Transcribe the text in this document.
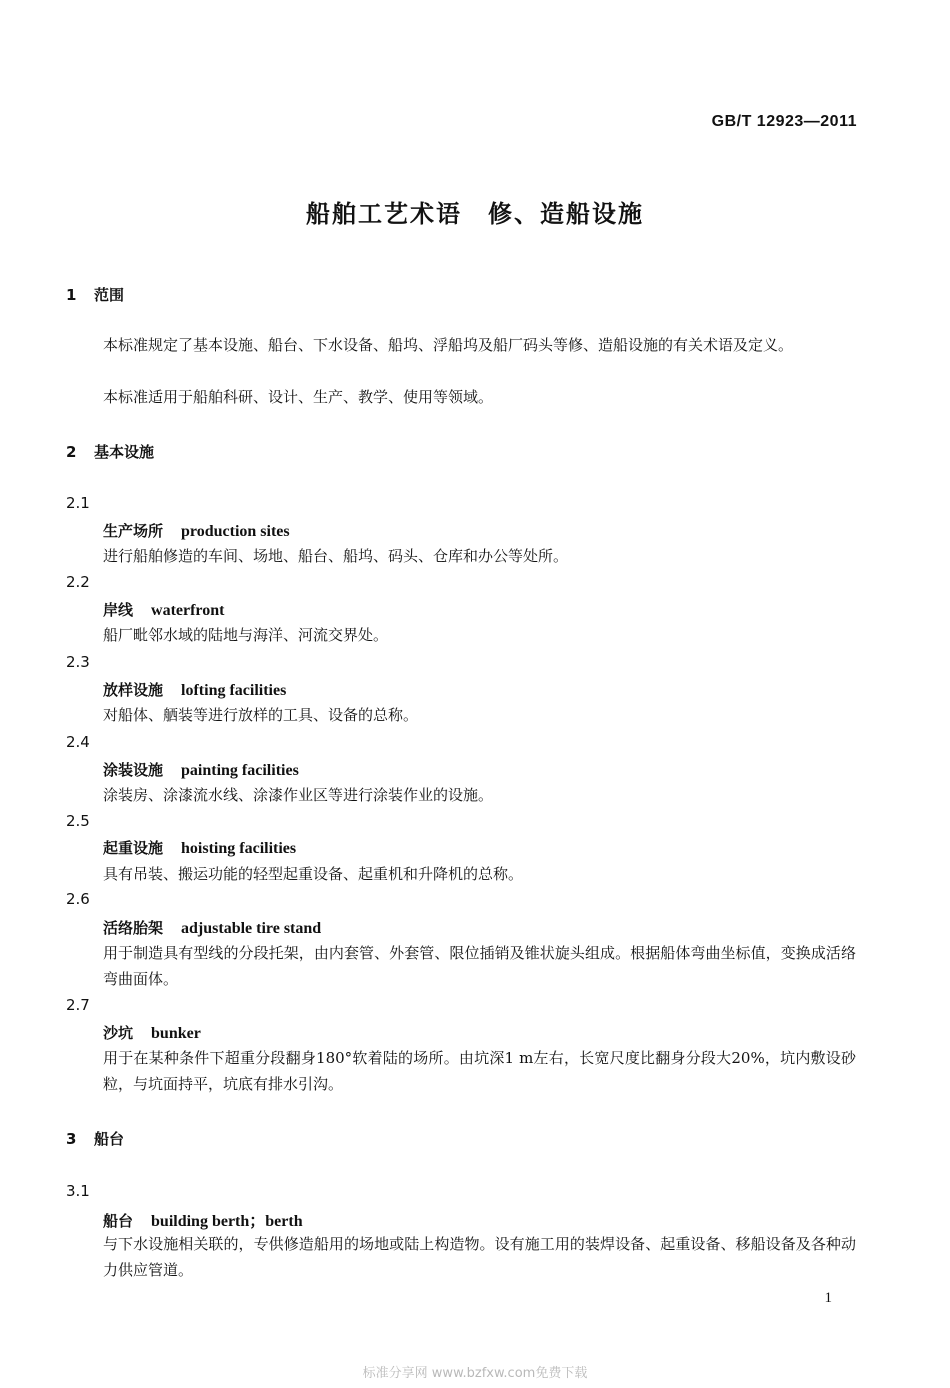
GB/T 12923—2011
船舶工艺术语　修、造船设施
1 范围
本标准规定了基本设施、船台、下水设备、船坞、浮船坞及船厂码头等修、造船设施的有关术语及定义。
本标准适用于船舶科研、设计、生产、教学、使用等领域。
2 基本设施
2.1
生产场所 production sites
进行船舶修造的车间、场地、船台、船坞、码头、仓库和办公等处所。
2.2
岸线 waterfront
船厂毗邻水域的陆地与海洋、河流交界处。
2.3
放样设施 lofting facilities
对船体、舾装等进行放样的工具、设备的总称。
2.4
涂装设施 painting facilities
涂装房、涂漆流水线、涂漆作业区等进行涂装作业的设施。
2.5
起重设施 hoisting facilities
具有吊装、搬运功能的轻型起重设备、起重机和升降机的总称。
2.6
活络胎架 adjustable tire stand
用于制造具有型线的分段托架，由内套管、外套管、限位插销及锥状旋头组成。根据船体弯曲坐标值，变换成活络弯曲面体。
2.7
沙坑 bunker
用于在某种条件下超重分段翻身180°软着陆的场所。由坑深1 m左右，长宽尺度比翻身分段大20%，坑内敷设砂粒，与坑面持平，坑底有排水引沟。
3 船台
3.1
船台 building berth；berth
与下水设施相关联的，专供修造船用的场地或陆上构造物。设有施工用的装焊设备、起重设备、移船设备及各种动力供应管道。
1
标准分享网 www.bzfxw.com免费下载
